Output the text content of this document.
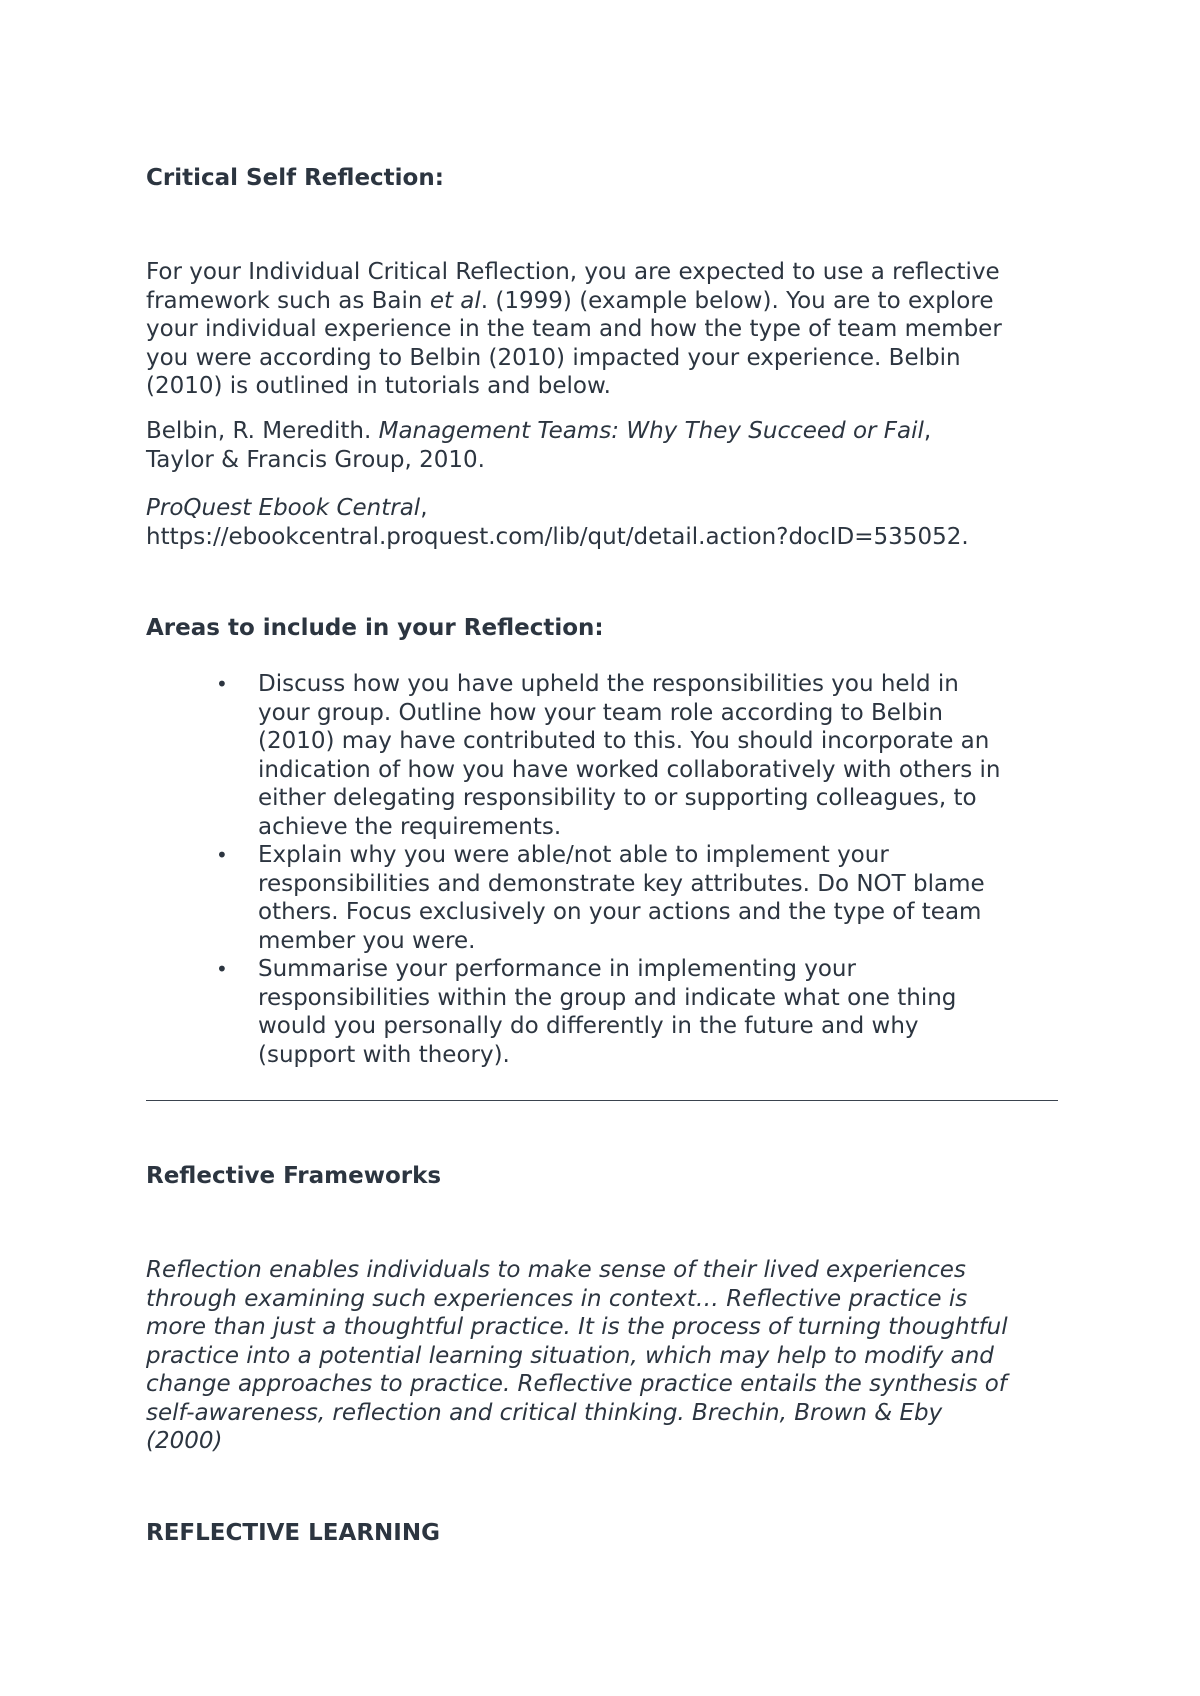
Critical Self Reflection:
For your Individual Critical Reflection, you are expected to use a reflective
framework such as Bain et al. (1999) (example below). You are to explore
your individual experience in the team and how the type of team member
you were according to Belbin (2010) impacted your experience. Belbin
(2010) is outlined in tutorials and below.
Belbin, R. Meredith. Management Teams: Why They Succeed or Fail,
Taylor & Francis Group, 2010.
ProQuest Ebook Central,
https://ebookcentral.proquest.com/lib/qut/detail.action?docID=535052.
Areas to include in your Reflection:
• Discuss how you have upheld the responsibilities you held in
your group. Outline how your team role according to Belbin
(2010) may have contributed to this. You should incorporate an
indication of how you have worked collaboratively with others in
either delegating responsibility to or supporting colleagues, to
achieve the requirements.
• Explain why you were able/not able to implement your
responsibilities and demonstrate key attributes. Do NOT blame
others. Focus exclusively on your actions and the type of team
member you were.
• Summarise your performance in implementing your
responsibilities within the group and indicate what one thing
would you personally do differently in the future and why
(support with theory).
Reflective Frameworks
Reflection enables individuals to make sense of their lived experiences
through examining such experiences in context… Reflective practice is
more than just a thoughtful practice. It is the process of turning thoughtful
practice into a potential learning situation, which may help to modify and
change approaches to practice. Reflective practice entails the synthesis of
self-awareness, reflection and critical thinking. Brechin, Brown & Eby
(2000)
REFLECTIVE LEARNING
